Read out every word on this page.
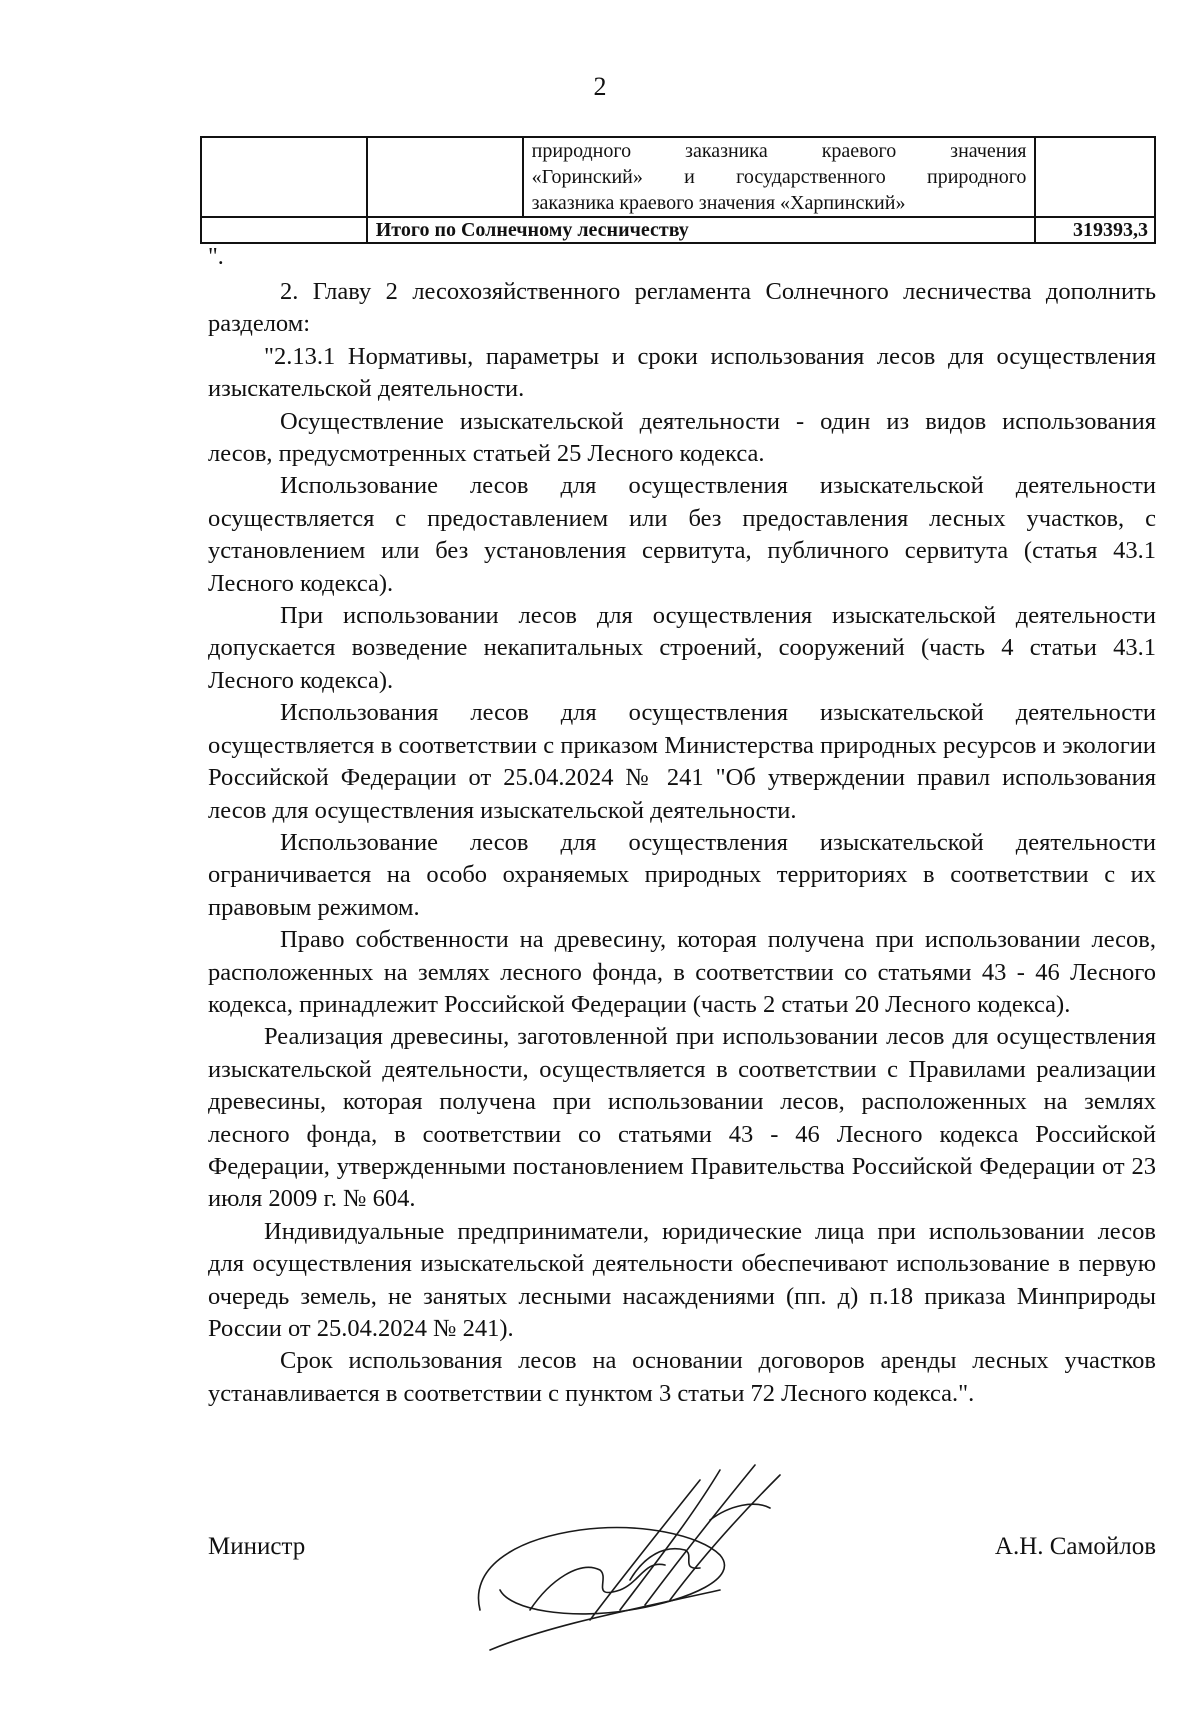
2
		природного заказника краевого значения
«Горинский» и государственного природного

заказника краевого значения «Харпинский»	

	Итого по Солнечному лесничеству		319393,3
".

2. Главу 2 лесохозяйственного регламента Солнечного лесничества дополнить разделом:

"2.13.1 Нормативы, параметры и сроки использования лесов для осуществления изыскательской деятельности.

Осуществление изыскательской деятельности - один из видов использования лесов, предусмотренных статьей 25 Лесного кодекса.

Использование лесов для осуществления изыскательской деятельности осуществляется с предоставлением или без предоставления лесных участков, с установлением или без установления сервитута, публичного сервитута (статья 43.1 Лесного кодекса).

При использовании лесов для осуществления изыскательской деятельности допускается возведение некапитальных строений, сооружений (часть 4 статьи 43.1 Лесного кодекса).

Использования лесов для осуществления изыскательской деятельности осуществляется в соответствии с приказом Министерства природных ресурсов и экологии Российской Федерации от 25.04.2024 № 241 "Об утверждении правил использования лесов для осуществления изыскательской деятельности.

Использование лесов для осуществления изыскательской деятельности ограничивается на особо охраняемых природных территориях в соответствии с их правовым режимом.

Право собственности на древесину, которая получена при использовании лесов, расположенных на землях лесного фонда, в соответствии со статьями 43 - 46 Лесного кодекса, принадлежит Российской Федерации (часть 2 статьи 20 Лесного кодекса).

Реализация древесины, заготовленной при использовании лесов для осуществления изыскательской деятельности, осуществляется в соответствии с Правилами реализации древесины, которая получена при использовании лесов, расположенных на землях лесного фонда, в соответствии со статьями 43 - 46 Лесного кодекса Российской Федерации, утвержденными постановлением Правительства Российской Федерации от 23 июля 2009 г. № 604.

Индивидуальные предприниматели, юридические лица при использовании лесов для осуществления изыскательской деятельности обеспечивают использование в первую очередь земель, не занятых лесными насаждениями (пп. д) п.18 приказа Минприроды России от 25.04.2024 № 241).

Срок использования лесов на основании договоров аренды лесных участков устанавливается в соответствии с пунктом 3 статьи 72 Лесного кодекса.".

Министр	А.Н. Самойлов
